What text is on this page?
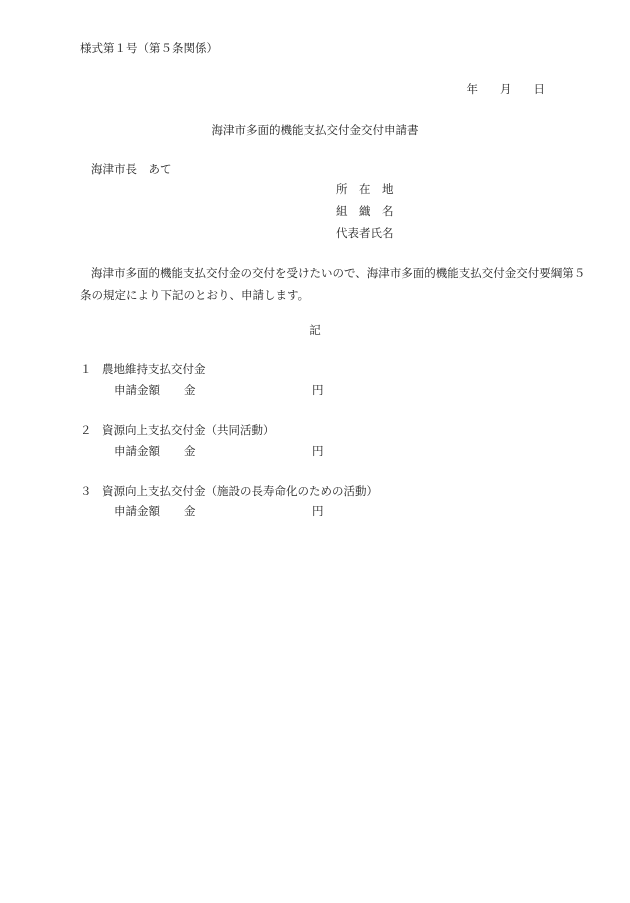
様式第１号（第５条関係）
年 月 日
海津市多面的機能支払交付金交付申請書
海津市長　あて
所　在　地
組　織　名
代表者氏名
海津市多面的機能支払交付金の交付を受けたいので、海津市多面的機能支払交付金交付要綱第５条の規定により下記のとおり、申請します。
記
１ 農地維持支払交付金
申請金額 金	円
２ 資源向上支払交付金（共同活動）
申請金額 金	円
３ 資源向上支払交付金（施設の長寿命化のための活動）
申請金額 金	円
